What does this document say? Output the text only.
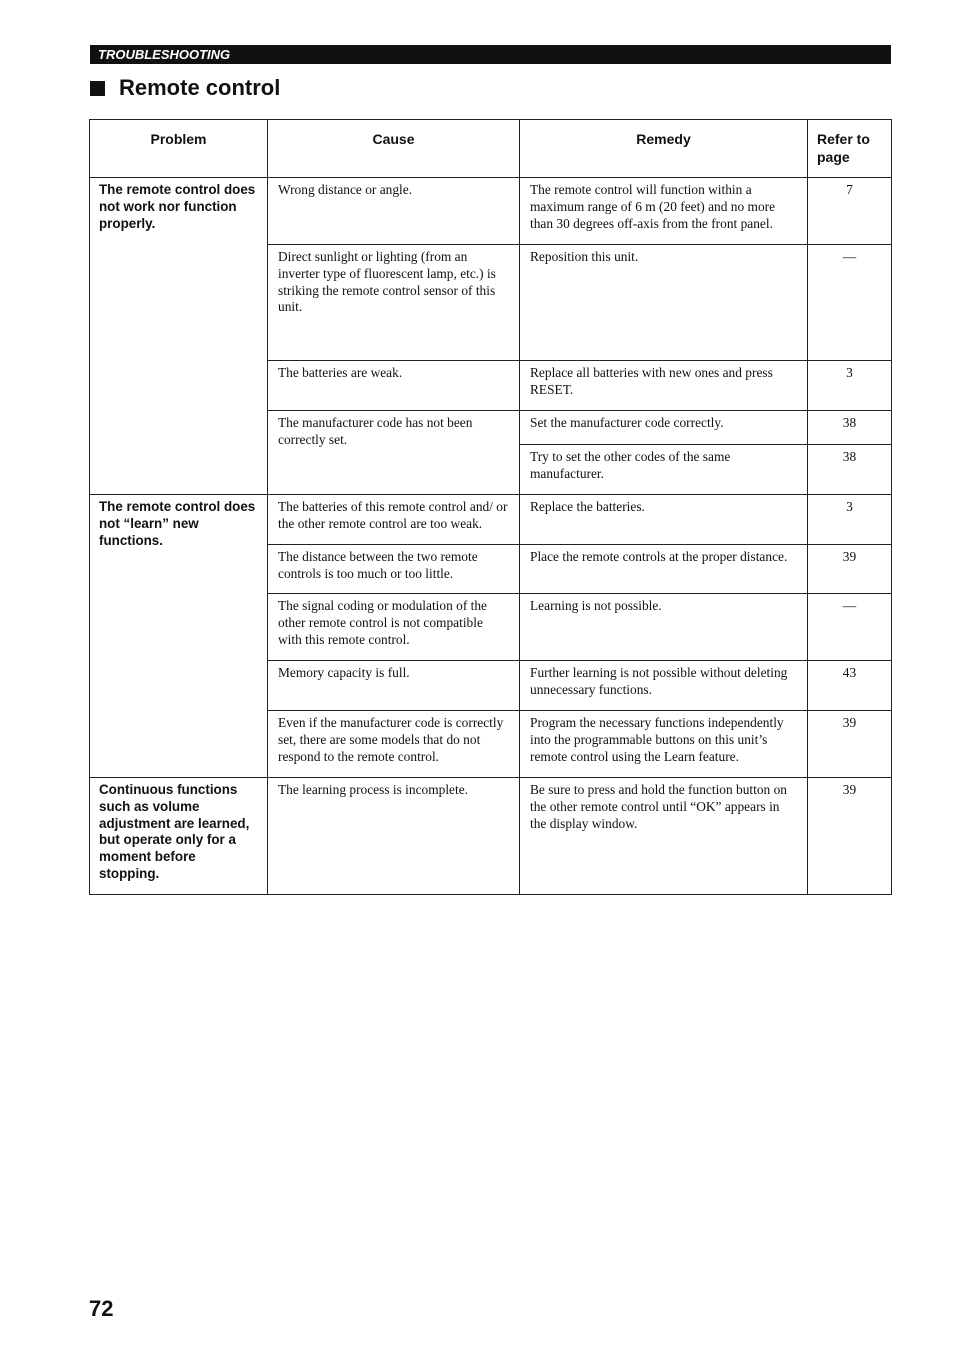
TROUBLESHOOTING
Remote control
Problem	Cause	Remedy	Refer to page
The remote control does not work nor function properly.	Wrong distance or angle.	The remote control will function within a maximum range of 6 m (20 feet) and no more than 30 degrees off-axis from the front panel.	7
	Direct sunlight or lighting (from an inverter type of fluorescent lamp, etc.) is striking the remote control sensor of this unit.	Reposition this unit.	—
	The batteries are weak.	Replace all batteries with new ones and press RESET.	3
	The manufacturer code has not been correctly set.	Set the manufacturer code correctly.	38
		Try to set the other codes of the same manufacturer.	38
The remote control does not “learn” new functions.	The batteries of this remote control and/ or the other remote control are too weak.	Replace the batteries.	3
	The distance between the two remote controls is too much or too little.	Place the remote controls at the proper distance.	39
	The signal coding or modulation of the other remote control is not compatible with this remote control.	Learning is not possible.	—
	Memory capacity is full.	Further learning is not possible without deleting unnecessary functions.	43
	Even if the manufacturer code is correctly set, there are some models that do not respond to the remote control.	Program the necessary functions independently into the programmable buttons on this unit’s remote control using the Learn feature.	39
Continuous functions such as volume adjustment are learned, but operate only for a moment before stopping.	The learning process is incomplete.	Be sure to press and hold the function button on the other remote control until “OK” appears in the display window.	39
72
